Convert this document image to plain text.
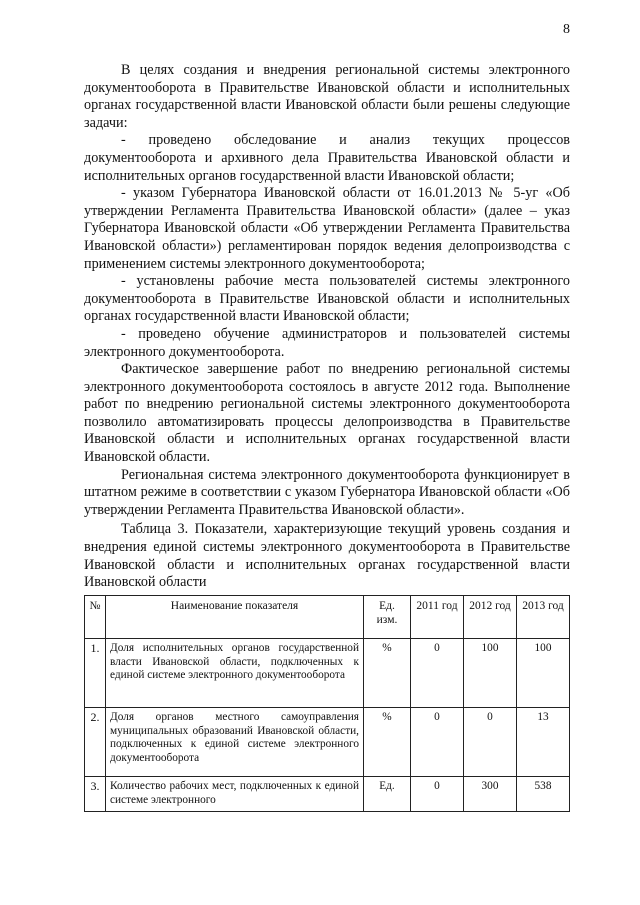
8

В целях создания и внедрения региональной системы электронного документооборота в Правительстве Ивановской области и исполнительных органах государственной власти Ивановской области были решены следующие задачи:

- проведено обследование и анализ текущих процессов документооборота и архивного дела Правительства Ивановской области и исполнительных органов государственной власти Ивановской области;

- указом Губернатора Ивановской области от 16.01.2013 № 5-уг «Об утверждении Регламента Правительства Ивановской области» (далее – указ Губернатора Ивановской области «Об утверждении Регламента Правительства Ивановской области») регламентирован порядок ведения делопроизводства с применением системы электронного документооборота;

- установлены рабочие места пользователей системы электронного документооборота в Правительстве Ивановской области и исполнительных органах государственной власти Ивановской области;

- проведено обучение администраторов и пользователей системы электронного документооборота.

Фактическое завершение работ по внедрению региональной системы электронного документооборота состоялось в августе 2012 года. Выполнение работ по внедрению региональной системы электронного документооборота позволило автоматизировать процессы делопроизводства в Правительстве Ивановской области и исполнительных органах государственной власти Ивановской области.

Региональная система электронного документооборота функционирует в штатном режиме в соответствии с указом Губернатора Ивановской области «Об утверждении Регламента Правительства Ивановской области».

Таблица 3. Показатели, характеризующие текущий уровень создания и внедрения единой системы электронного документооборота в Правительстве Ивановской области и исполнительных органах государственной власти Ивановской области

№	Наименование показателя	Ед. изм.	2011 год	2012 год	2013 год
1.	Доля исполнительных органов государственной власти Ивановской области, подключенных к единой системе электронного документооборота	%	0	100	100
2.	Доля органов местного самоуправления муниципальных образований Ивановской области, подключенных к единой системе электронного документооборота	%	0	0	13
3.	Количество рабочих мест, подключенных к единой системе электронного	Ед.	0	300	538
